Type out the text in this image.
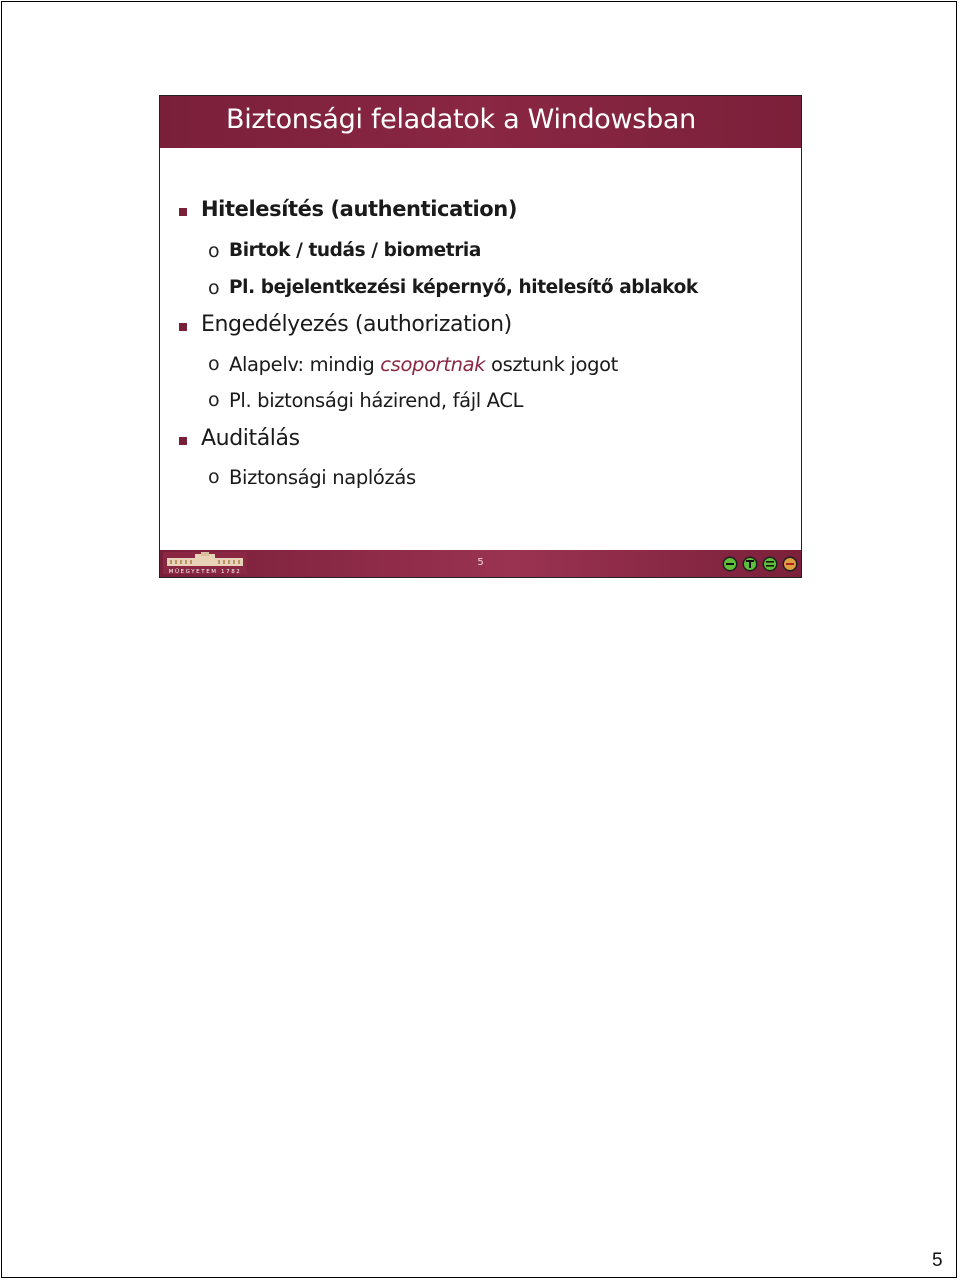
Biztonsági feladatok a Windowsban
Hitelesítés (authentication)
o Birtok / tudás / biometria
o Pl. bejelentkezési képernyő, hitelesítő ablakok
Engedélyezés (authorization)
o Alapelv: mindig csoportnak osztunk jogot
o Pl. biztonsági házirend, fájl ACL
Auditálás
o Biztonsági naplózás
MŰEGYETEM 1782
5
5
